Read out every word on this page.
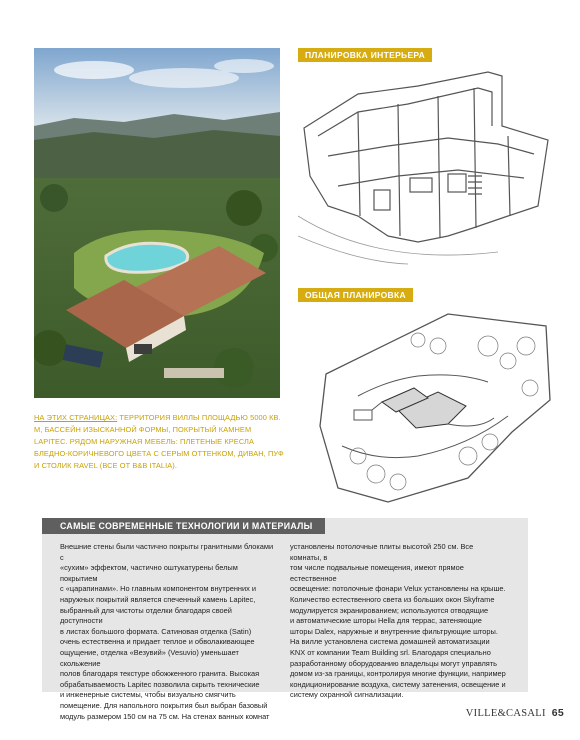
НА ЭТИХ СТРАНИЦАХ: ТЕРРИТОРИЯ ВИЛЛЫ ПЛОЩАДЬЮ 5000 КВ. М, БАССЕЙН ИЗЫСКАННОЙ ФОРМЫ, ПОКРЫТЫЙ КАМНЕМ LAPITEC. РЯДОМ НАРУЖНАЯ МЕБЕЛЬ: ПЛЕТЕНЫЕ КРЕСЛА БЛЕДНО-КОРИЧНЕВОГО ЦВЕТА С СЕРЫМ ОТТЕНКОМ, ДИВАН, ПУФ И СТОЛИК RAVEL (ВСЕ ОТ B&B ITALIA).
ПЛАНИРОВКА ИНТЕРЬЕРА
ОБЩАЯ ПЛАНИРОВКА
САМЫЕ СОВРЕМЕННЫЕ ТЕХНОЛОГИИ И МАТЕРИАЛЫ
Внешние стены были частично покрыты гранитными блоками с
«сухим» эффектом, частично оштукатурены белым покрытием
с «царапинами». Но главным компонентом внутренних и
наружных покрытий является спеченный камень Lapitec,
выбранный для чистоты отделки благодаря своей доступности
в листах большого формата. Сатиновая отделка (Satin)
очень естественна и придает теплое и обволакивающее
ощущение, отделка «Везувий» (Vesuvio) уменьшает скольжение
полов благодаря текстуре обожженного гранита. Высокая
обрабатываемость Lapitec позволила скрыть технические
и инженерные системы, чтобы визуально смягчить
помещение. Для напольного покрытия был выбран базовый
модуль размером 150 см на 75 см. На стенах ванных комнат
установлены потолочные плиты высотой 250 см. Все комнаты, в
том числе подвальные помещения, имеют прямое естественное
освещение: потолочные фонари Velux установлены на крыше.
Количество естественного света из больших окон Skyframe
модулируется экранированием; используются отводящие
и автоматические шторы Hella для террас, затеняющие
шторы Dalex, наружные и внутренние фильтрующие шторы.
На вилле установлена система домашней автоматизации
KNX от компании Team Building srl. Благодаря специально
разработанному оборудованию владельцы могут управлять
домом из-за границы, контролируя многие функции, например
кондиционирование воздуха, систему затенения, освещение и
систему охранной сигнализации.
VILLE&CASALI 65
